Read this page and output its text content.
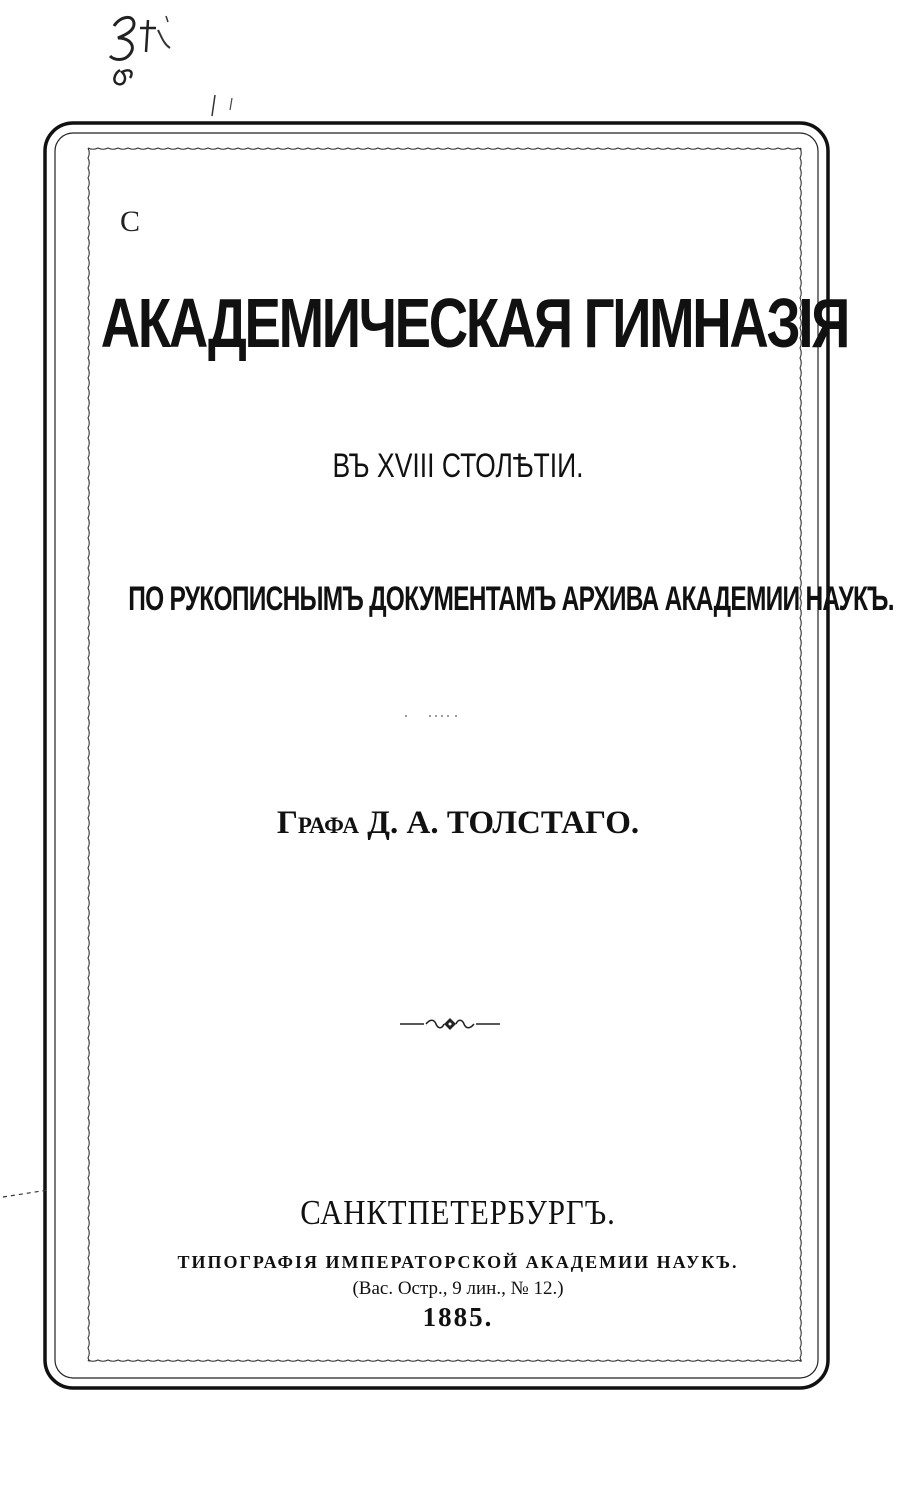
С
АКАДЕМИЧЕСКАЯ ГИМНАЗІЯ
ВЪ XVIII СТОЛѢТІИ.
ПО РУКОПИСНЫМЪ ДОКУМЕНТАМЪ АРХИВА АКАДЕМИИ НАУКЪ.
Графа Д. А. ТОЛСТАГО.
САНКТПЕТЕРБУРГЪ.
ТИПОГРАФІЯ ИМПЕРАТОРСКОЙ АКАДЕМИИ НАУКЪ.
(Вас. Остр., 9 лин., № 12.)
1885.
